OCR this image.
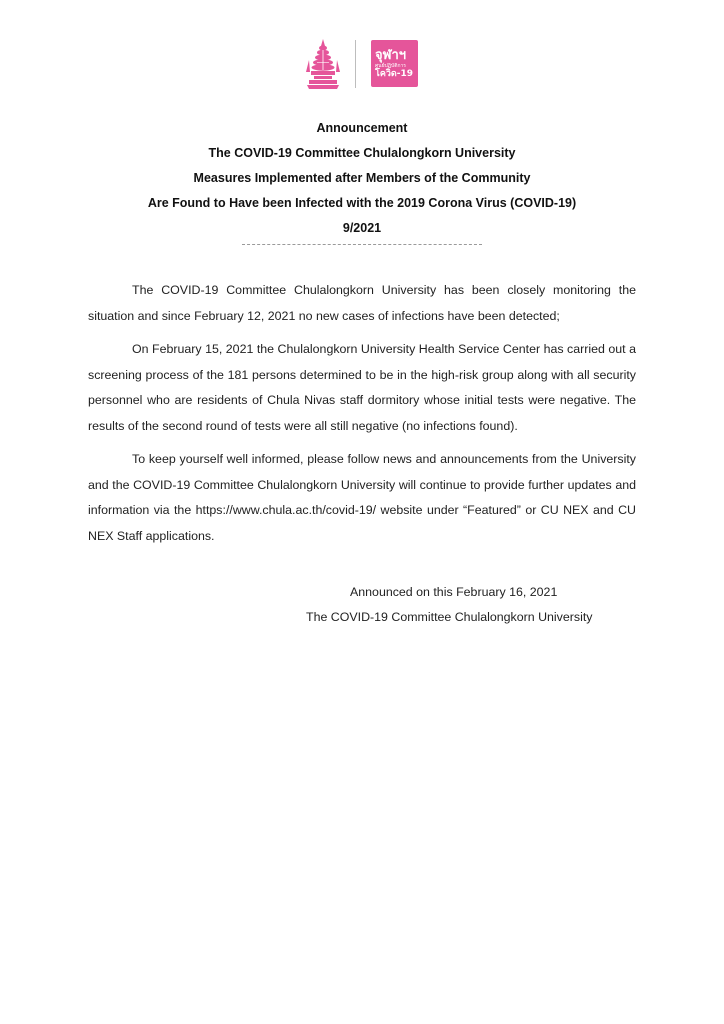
จุฬาฯ
ศูนย์ปฏิบัติการ
โควิด-19
Announcement
The COVID-19 Committee Chulalongkorn University
Measures Implemented after Members of the Community
Are Found to Have been Infected with the 2019 Corona Virus (COVID-19)
9/2021

The COVID-19 Committee Chulalongkorn University has been closely monitoring the situation and since February 12, 2021 no new cases of infections have been detected;

On February 15, 2021 the Chulalongkorn University Health Service Center has carried out a screening process of the 181 persons determined to be in the high-risk group along with all security personnel who are residents of Chula Nivas staff dormitory whose initial tests were negative. The results of the second round of tests were all still negative (no infections found).

To keep yourself well informed, please follow news and announcements from the University and the COVID-19 Committee Chulalongkorn University will continue to provide further updates and information via the https://www.chula.ac.th/covid-19/ website under “Featured” or CU NEX and CU NEX Staff applications.

Announced on this February 16, 2021
The COVID-19 Committee Chulalongkorn University
